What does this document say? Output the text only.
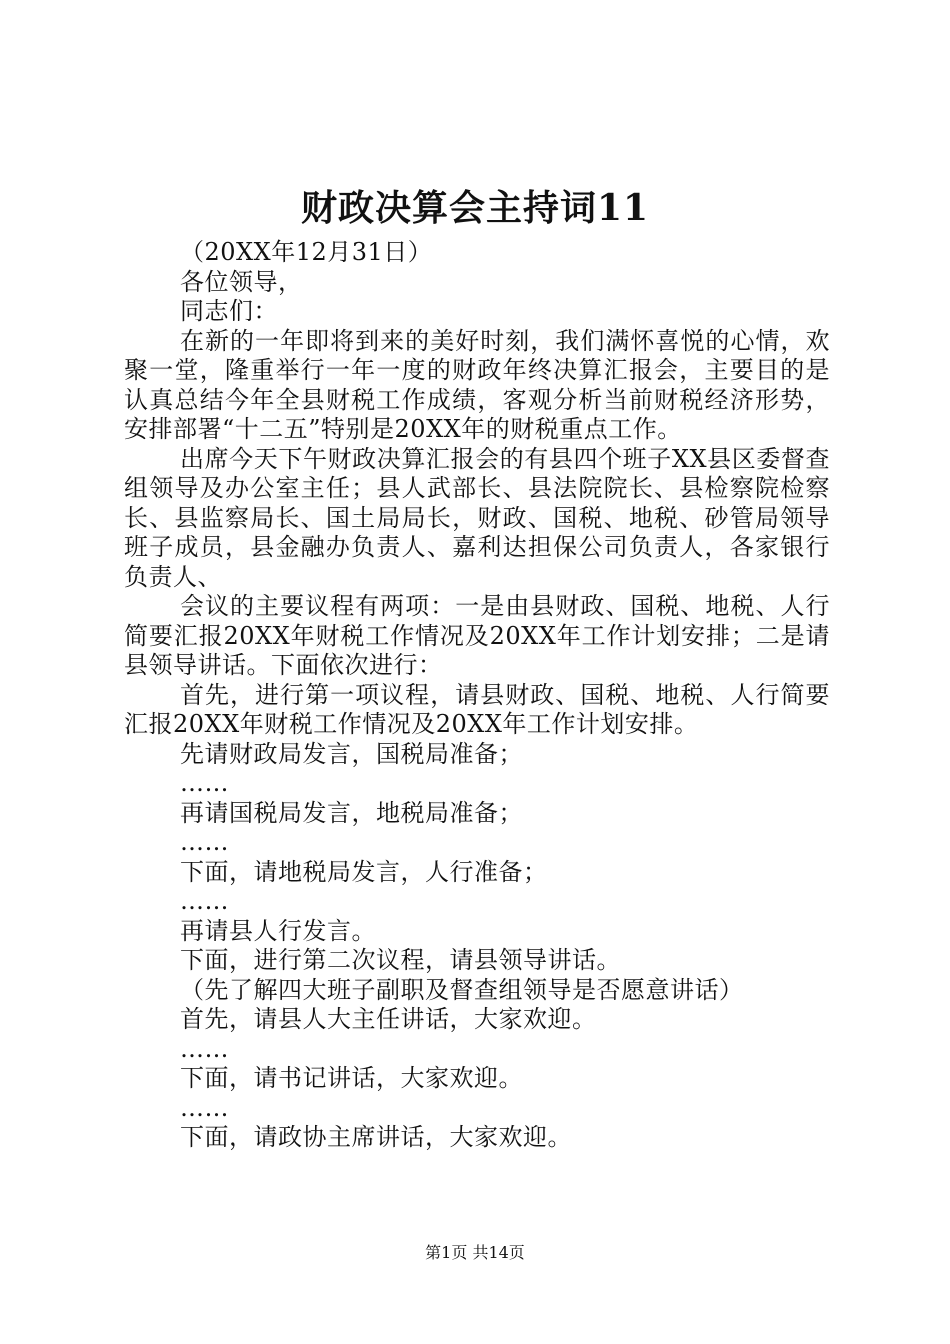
财政决算会主持词11

（20XX年12月31日）

各位领导，

同志们：

在新的一年即将到来的美好时刻，我们满怀喜悦的心情，欢聚一堂，隆重举行一年一度的财政年终决算汇报会，主要目的是认真总结今年全县财税工作成绩，客观分析当前财税经济形势，安排部署“十二五”特别是20XX年的财税重点工作。

出席今天下午财政决算汇报会的有县四个班子XX县区委督查组领导及办公室主任；县人武部长、县法院院长、县检察院检察长、县监察局长、国土局局长，财政、国税、地税、砂管局领导班子成员，县金融办负责人、嘉利达担保公司负责人，各家银行负责人、

会议的主要议程有两项：一是由县财政、国税、地税、人行简要汇报20XX年财税工作情况及20XX年工作计划安排；二是请县领导讲话。下面依次进行：

首先，进行第一项议程，请县财政、国税、地税、人行简要汇报20XX年财税工作情况及20XX年工作计划安排。

先请财政局发言，国税局准备；

……

再请国税局发言，地税局准备；

……

下面，请地税局发言，人行准备；

……

再请县人行发言。

下面，进行第二次议程，请县领导讲话。

（先了解四大班子副职及督查组领导是否愿意讲话）

首先，请县人大主任讲话，大家欢迎。

……

下面，请书记讲话，大家欢迎。

……

下面，请政协主席讲话，大家欢迎。

第1页 共14页
